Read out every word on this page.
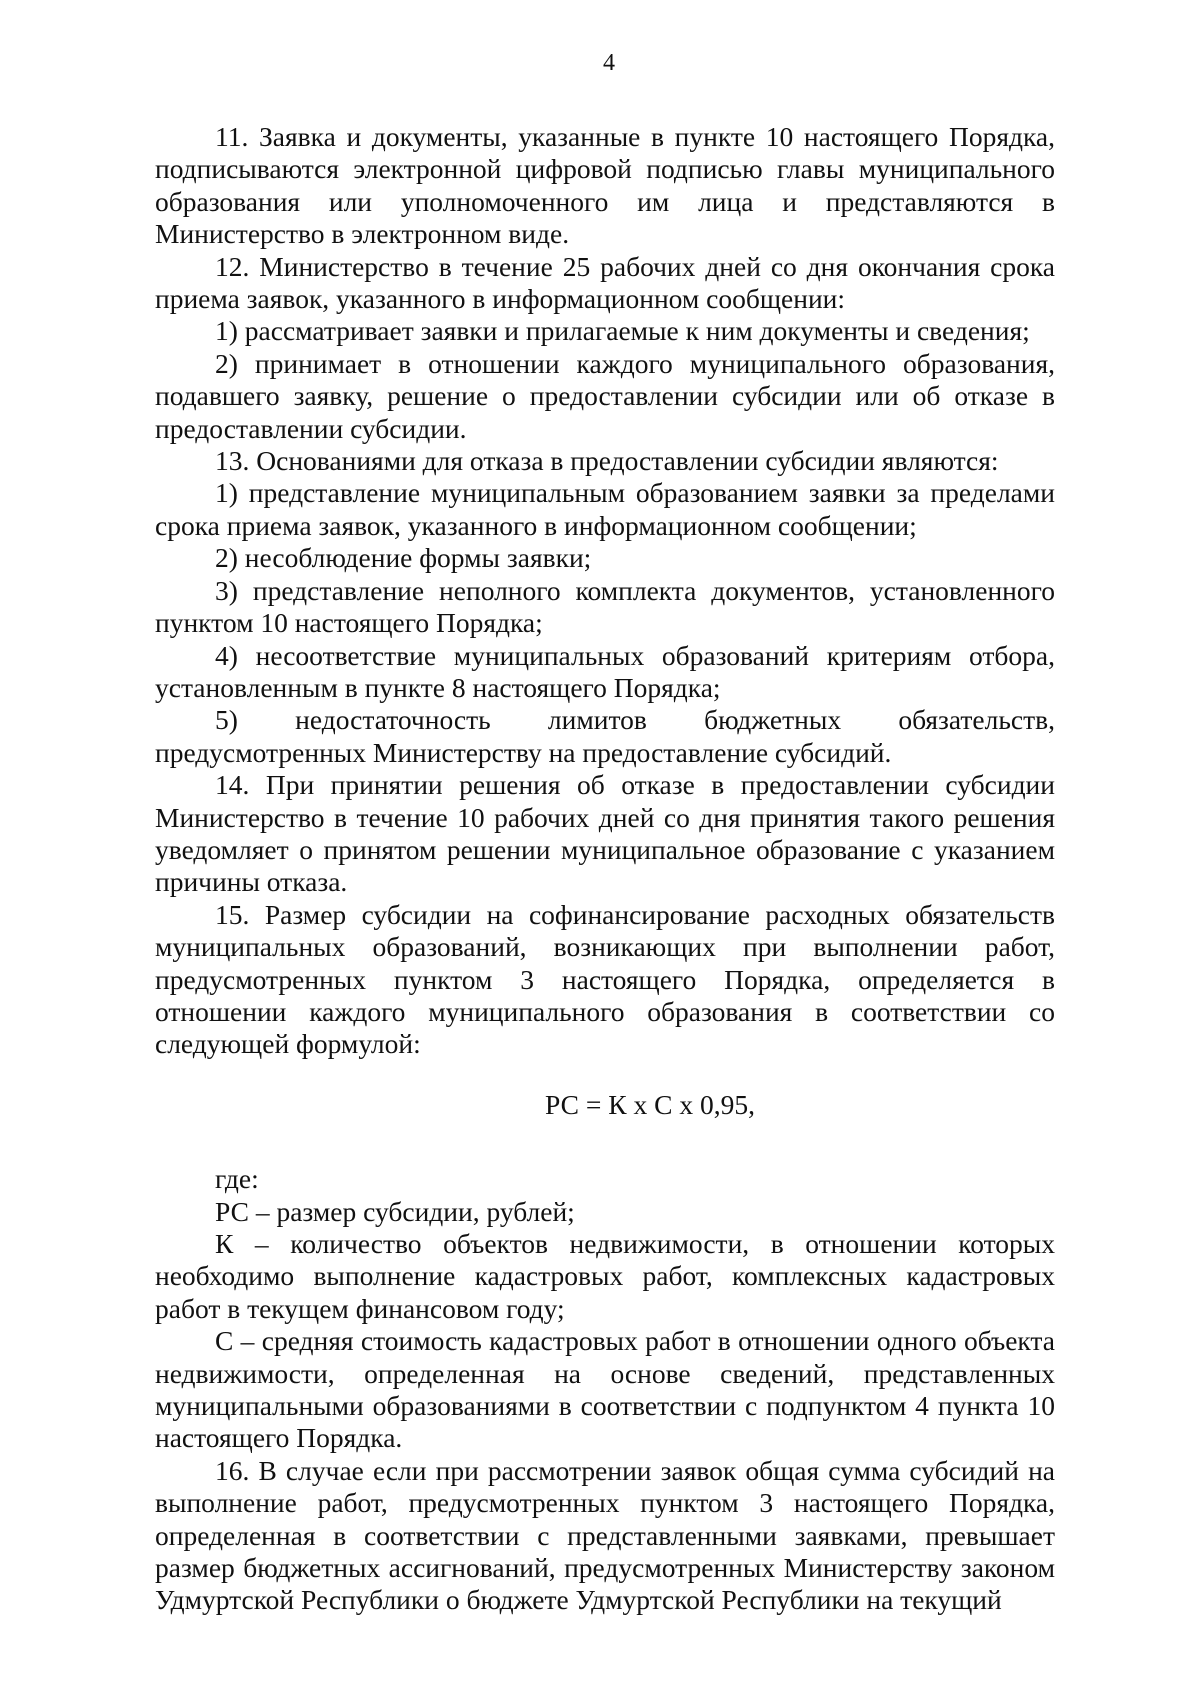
4

11. Заявка и документы, указанные в пункте 10 настоящего Порядка, подписываются электронной цифровой подписью главы муниципального образования или уполномоченного им лица и представляются в Министерство в электронном виде.

12. Министерство в течение 25 рабочих дней со дня окончания срока приема заявок, указанного в информационном сообщении:

1) рассматривает заявки и прилагаемые к ним документы и сведения;

2) принимает в отношении каждого муниципального образования, подавшего заявку, решение о предоставлении субсидии или об отказе в предоставлении субсидии.

13. Основаниями для отказа в предоставлении субсидии являются:

1) представление муниципальным образованием заявки за пределами срока приема заявок, указанного в информационном сообщении;

2) несоблюдение формы заявки;

3) представление неполного комплекта документов, установленного пунктом 10 настоящего Порядка;

4) несоответствие муниципальных образований критериям отбора, установленным в пункте 8 настоящего Порядка;

5) недостаточность лимитов бюджетных обязательств, предусмотренных Министерству на предоставление субсидий.

14. При принятии решения об отказе в предоставлении субсидии Министерство в течение 10 рабочих дней со дня принятия такого решения уведомляет о принятом решении муниципальное образование с указанием причины отказа.

15. Размер субсидии на софинансирование расходных обязательств муниципальных образований, возникающих при выполнении работ, предусмотренных пунктом 3 настоящего Порядка, определяется в отношении каждого муниципального образования в соответствии со следующей формулой:

РС = К х С х 0,95,

где:

РС – размер субсидии, рублей;

К – количество объектов недвижимости, в отношении которых необходимо выполнение кадастровых работ, комплексных кадастровых работ в текущем финансовом году;

С – средняя стоимость кадастровых работ в отношении одного объекта недвижимости, определенная на основе сведений, представленных муниципальными образованиями в соответствии с подпунктом 4 пункта 10 настоящего Порядка.

16. В случае если при рассмотрении заявок общая сумма субсидий на выполнение работ, предусмотренных пунктом 3 настоящего Порядка, определенная в соответствии с представленными заявками, превышает размер бюджетных ассигнований, предусмотренных Министерству законом Удмуртской Республики о бюджете Удмуртской Республики на текущий
